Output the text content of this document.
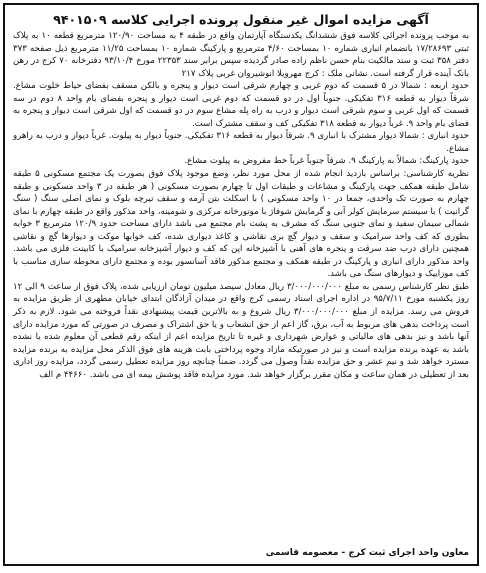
آگهی مزایده اموال غیر منقول پرونده اجرایی کلاسه ۹۴۰۱۵۰۹

به موجب پرونده اجرائی کلاسه فوق ششدانگ یکدستگاه آپارتمان واقع در طبقه ۴ به مساحت ۱۲۰/۹۰ مترمربع قطعه ۱۰ به پلاک ثبتی ۱۷/۲۸۶۹۳ بانضمام انباری شماره ۱۰ بمساحت ۴/۶۰ مترمربع و پارکینگ شماره ۱۰ بمساحت ۱۱/۲۵ مترمربع ذیل صفحه ۳۷۳ دفتر ۳۵۸ ثبت و سند مالکیت بنام حسن ناظم زاده صادر گردیده سپس برابر سند ۲۲۳۵۳ مورخ ۹۳/۱۰/۴ دفترخانه ۷۰ کرج در رهن بانک آینده قرار گرفته است. نشانی ملک : کرج مهرویلا انوشیروان غربی پلاک ۲۱۷

حدود اربعه : شمالا در ۵ قسمت که دوم غربی و چهارم شرقی است دیوار و پنجره و بالکن مسقف بفضای حیاط خلوت مشاع. شرقاً دیوار به قطعه ۳۱۶ تفکیکی. جنوباً اول در دو قسمت که دوم غربی است دیوار و پنجره بفضای بام واحد ۸ دوم در سه قسمت که اول غربی و سوم شرقی است دیوار و درب به راه پله مشاع سوم در دو قسمت که اول شرقی است دیوار و پنجره به فضای بام واحد ۹. غرباً دیوار به قطعه ۳۱۸ تفکیکی کف و سقف مشترک است.

حدود انباری : شمالا دیوار مشترک با انباری ۹. شرقاً دیوار به قطعه ۳۱۶ تفکیکی. جنوباً دیوار به پیلوت. غرباً دیوار و درب به راهرو مشاع.

حدود پارکینگ: شمالاً به پارکینگ ۹. شرقاً جنوباً غرباً خط مفروض به پیلوت مشاع.

نظریه کارشناسی: براساس بازدید انجام شده از محل مورد نظر، وضع موجود پلاک فوق بصورت یک مجتمع مسکونی ۵ طبقه شامل طبقه همکف جهت پارکینگ و مشاعات و طبقات اول تا چهارم بصورت مسکونی ( هر طبقه در ۳ واحد مسکونی و طبقه چهارم به صورت تک واحدی، جمعا در ۱۰ واحد مسکونی ) با اسکلت بتن آرمه و سقف تیرچه بلوک و نمای اصلی سنگ ( سنگ گرانیت ) با سیستم سرمایش کولر آبی و گرمایش شوفاژ با موتورخانه مرکزی و شومینه، واحد مذکور واقع در طبقه چهارم با نمای شمالی سیمان سفید و نمای جنوبی سنگ که مشرف به پشت بام مجتمع می باشد دارای مساحت حدود ۱۲۰/۹ مترمربع ۳ خوابه بطوری که کف واحد سرامیک و سقف و دیوار گچ بری نقاشی و کاغذ دیواری شده، کف خوابها موکت و دیوارها گچ و نقاشی همچنین دارای درب ضد سرقت و پنجره های آهنی با آشپزخانه اپن که کف و دیوار آشپزخانه سرامیک با کابینت فلزی می باشد. واحد مذکور دارای انباری و پارکینگ در طبقه همکف و مجتمع مذکور فاقد آسانسور بوده و مجتمع دارای محوطه سازی مناسب با کف موزاییک و دیوارهای سنگ می باشد.

طبق نظر کارشناس رسمی به مبلغ ۳/۰۰۰/۰۰۰/۰۰۰ ریال معادل سیصد میلیون تومان ارزیابی شده، پلاک فوق از ساعت ۹ الی ۱۲ روز یکشنبه مورخ ۹۵/۷/۱۱ در اداره اجرای اسناد رسمی کرج واقع در میدان آزادگان ابتدای خیابان مطهری از طریق مزایده به فروش می رسد. مزایده از مبلغ ۳/۰۰۰/۰۰۰/۰۰۰ ریال شروع و به بالاترین قیمت پیشنهادی نقداً فروخته می شود. لازم به ذکر است پرداخت بدهی های مربوط به آب، برق، گاز اعم از حق انشعاب و یا حق اشتراک و مصرف در صورتی که مورد مزایده دارای آنها باشد و نیز بدهی های مالیاتی و عوارض شهرداری و غیره تا تاریخ مزایده اعم از اینکه رقم قطعی آن معلوم شده یا نشده باشد به عهده برنده مزایده است و نیز در صورتیکه مازاد وجوه پرداختی بابت هزینه های فوق الذکر محل مزایده به برنده مزایده مسترد خواهد شد و نیم عشر و حق مزایده نقداً وصول می گردد. ضمناً چنانچه روز مزایده تعطیل رسمی گردد، مزایده روز اداری بعد از تعطیلی در همان ساعت و مکان مقرر برگزار خواهد شد. مورد مزایده فاقد پوشش بیمه ای می باشد. ۴۴۶۶۰ م الف

معاون واحد اجرای ثبت کرج - معصومه قاسمی
